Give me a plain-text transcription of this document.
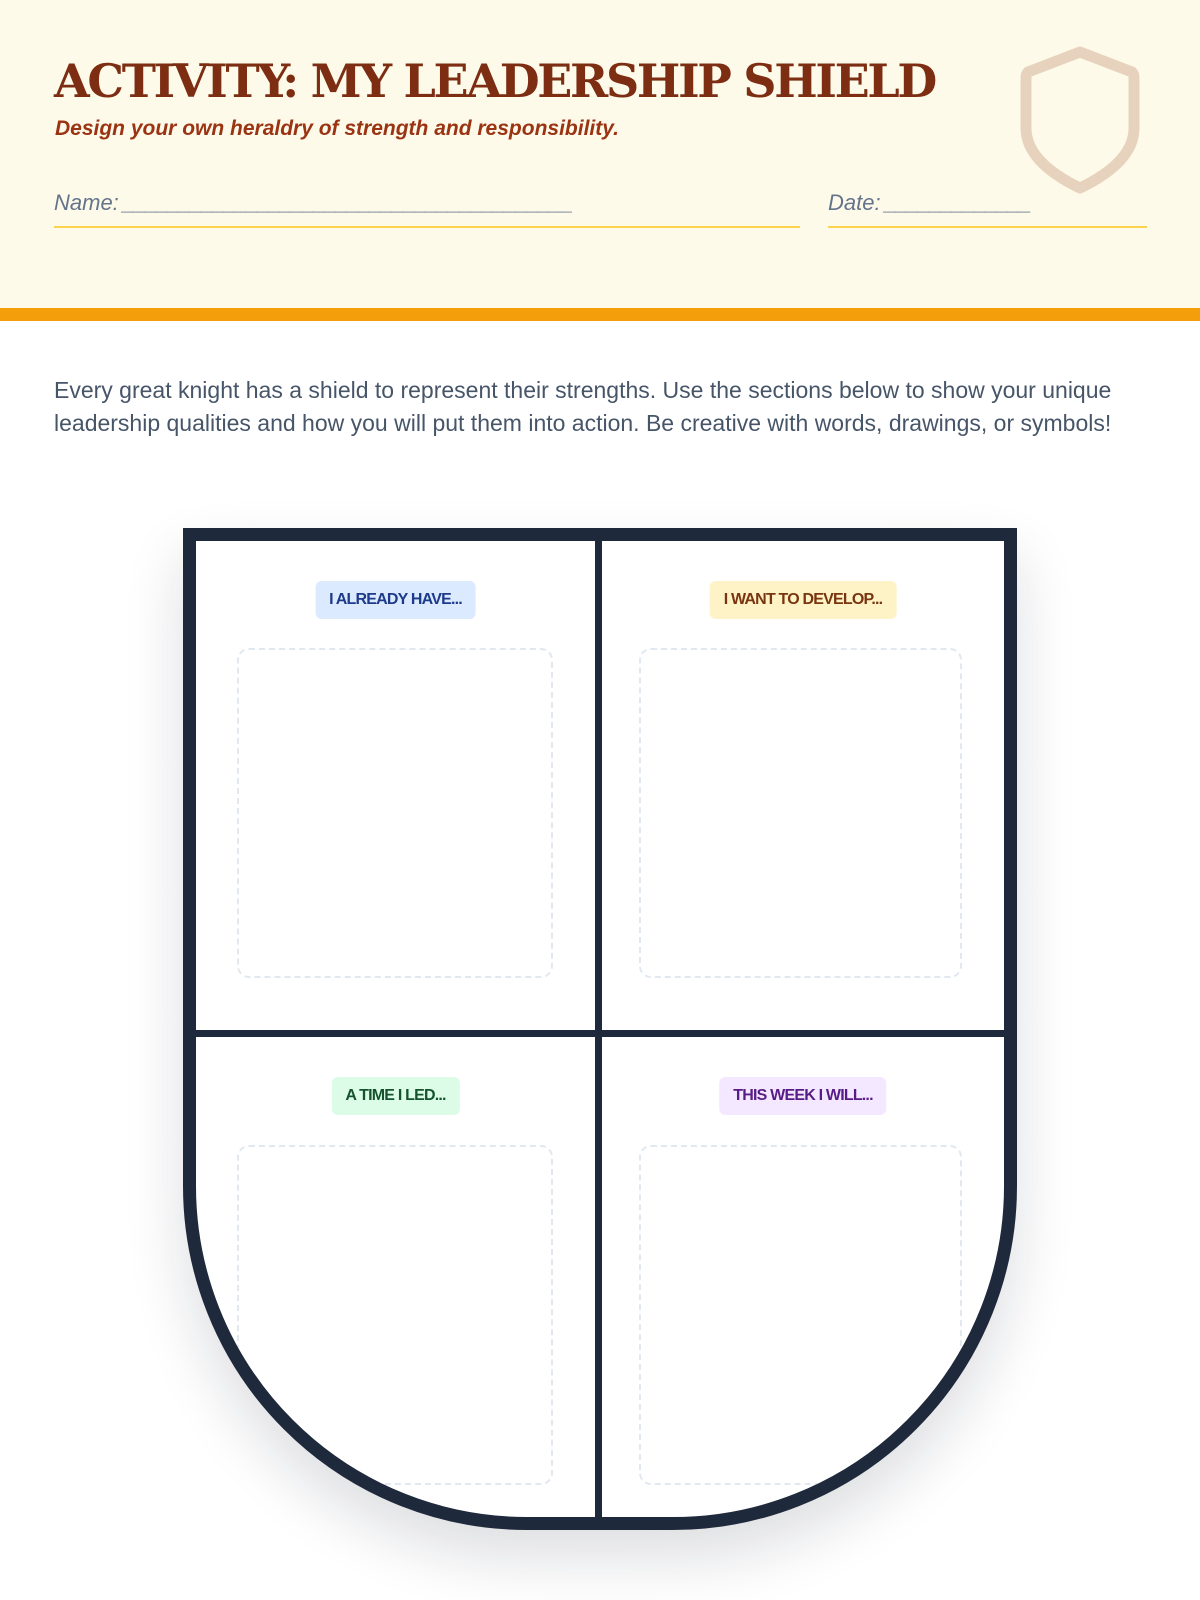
ACTIVITY: MY LEADERSHIP SHIELD

Design your own heraldry of strength and responsibility.

Name: ________________________________________	Date: _____________

Every great knight has a shield to represent their strengths. Use the sections below to show your unique leadership qualities and how you will put them into action. Be creative with words, drawings, or symbols!

I ALREADY HAVE...	I WANT TO DEVELOP...
A TIME I LED...	THIS WEEK I WILL...
